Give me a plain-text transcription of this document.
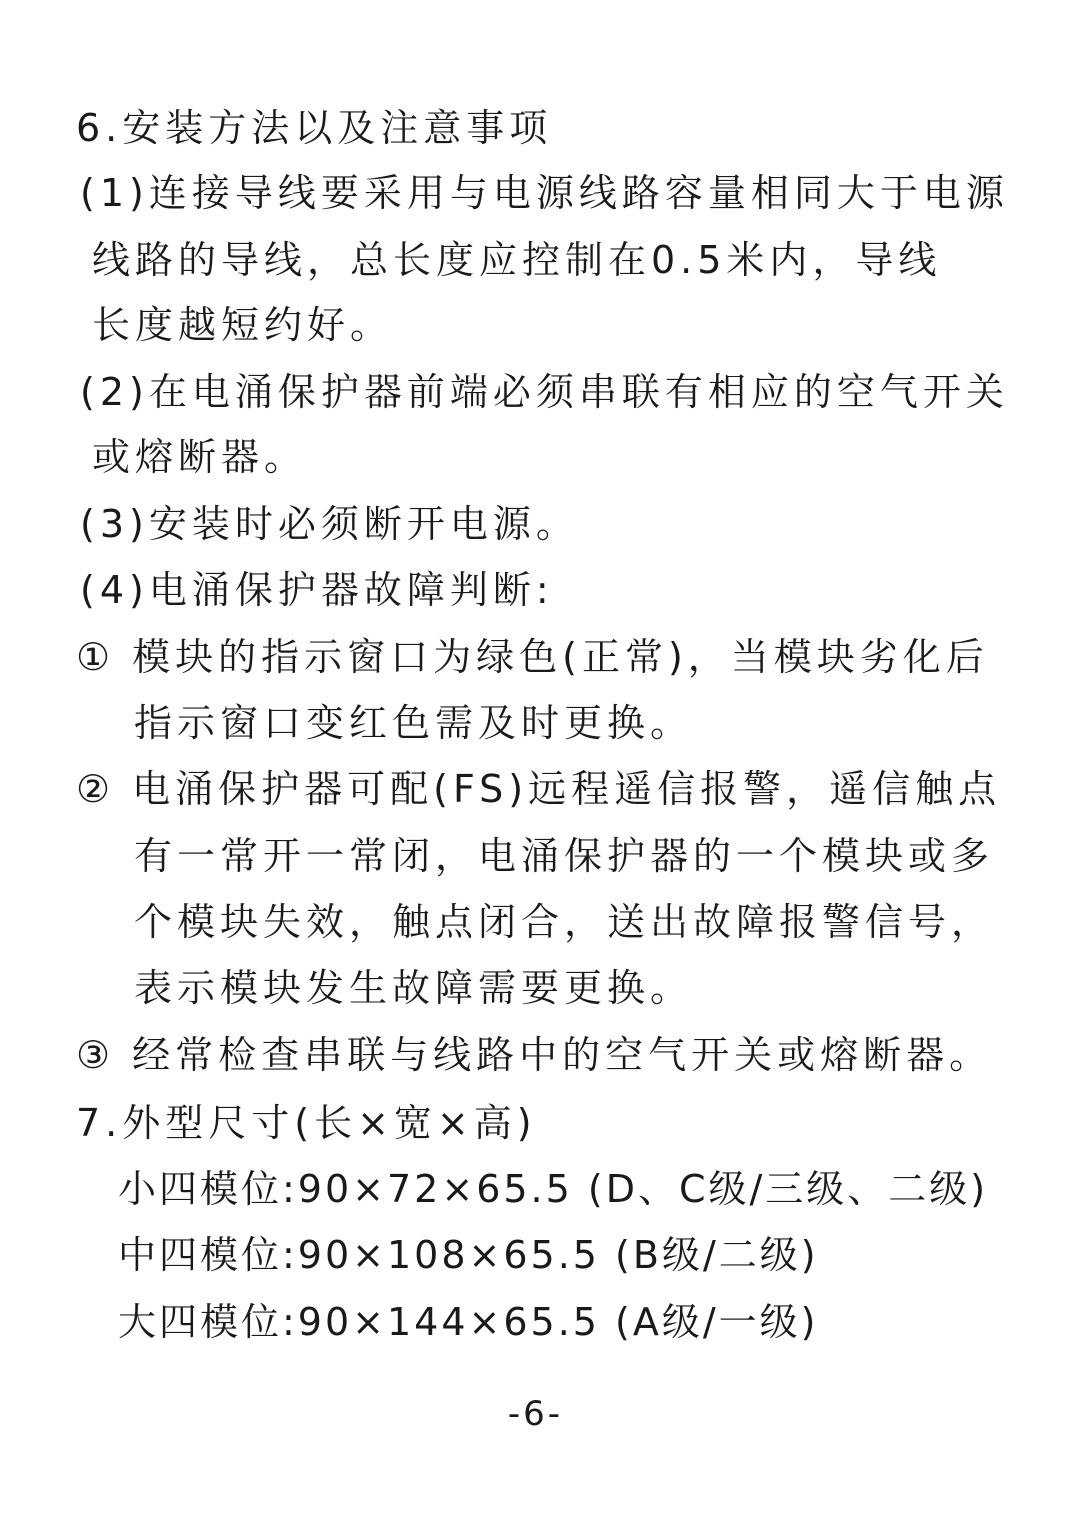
6.安装方法以及注意事项
(1)连接导线要采用与电源线路容量相同大于电源
线路的导线，总长度应控制在0.5米内，导线
长度越短约好。
(2)在电涌保护器前端必须串联有相应的空气开关
或熔断器。
(3)安装时必须断开电源。
(4)电涌保护器故障判断:
① 模块的指示窗口为绿色(正常)，当模块劣化后
指示窗口变红色需及时更换。
② 电涌保护器可配(FS)远程遥信报警，遥信触点
有一常开一常闭，电涌保护器的一个模块或多
个模块失效，触点闭合，送出故障报警信号，
表示模块发生故障需要更换。
③ 经常检查串联与线路中的空气开关或熔断器。
7.外型尺寸(长×宽×高)
小四模位:90×72×65.5 (D、C级/三级、二级)
中四模位:90×108×65.5 (B级/二级)
大四模位:90×144×65.5 (A级/一级)
-6-
